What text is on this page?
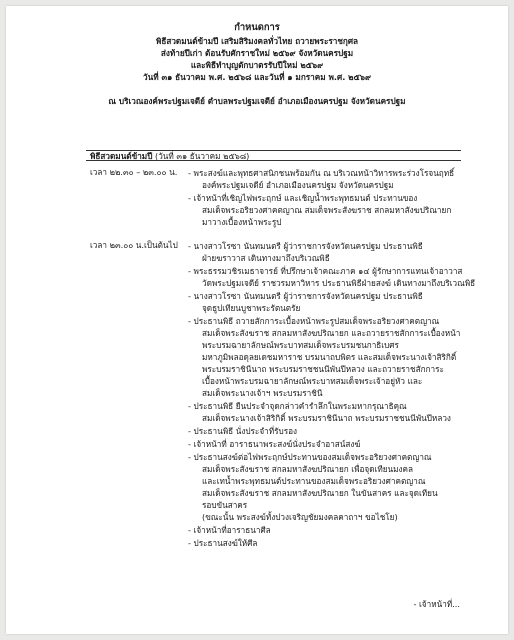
กำหนดการ
พิธีสวดมนต์ข้ามปี เสริมสิริมงคลทั่วไทย ถวายพระราชกุศล
ส่งท้ายปีเก่า ต้อนรับศักราชใหม่ ๒๕๖๙ จังหวัดนครปฐม
และพิธีทำบุญตักบาตรรับปีใหม่ ๒๕๖๙
วันที่ ๓๑ ธันวาคม พ.ศ. ๒๕๖๘ และวันที่ ๑ มกราคม พ.ศ. ๒๕๖๙
ณ บริเวณองค์พระปฐมเจดีย์ ตำบลพระปฐมเจดีย์ อำเภอเมืองนครปฐม จังหวัดนครปฐม
พิธีสวดมนต์ข้ามปี (วันที่ ๓๑ ธันวาคม ๒๕๖๘)
เวลา ๒๒.๓๐ – ๒๓.๐๐ น. - พระสงฆ์และพุทธศาสนิกชนพร้อมกัน ณ บริเวณหน้าวิหารพระร่วงโรจนฤทธิ์
องค์พระปฐมเจดีย์ อำเภอเมืองนครปฐม จังหวัดนครปฐม
- เจ้าหน้าที่เชิญไฟพระฤกษ์ และเชิญน้ำพระพุทธมนต์ ประทานของ
สมเด็จพระอริยวงศาคตญาณ สมเด็จพระสังฆราช สกลมหาสังฆปริณายก
มาวางเบื้องหน้าพระรูป
เวลา ๒๓.๐๐ น.เป็นต้นไป - นางสาวโรซา นันทมนตรี ผู้ว่าราชการจังหวัดนครปฐม ประธานพิธี
ฝ่ายฆราวาส เดินทางมาถึงบริเวณพิธี
- พระธรรมวชิรเมธาจารย์ ที่ปรึกษาเจ้าคณะภาค ๑๔ ผู้รักษาการแทนเจ้าอาวาส
วัดพระปฐมเจดีย์ ราชวรมหาวิหาร ประธานพิธีฝ่ายสงฆ์ เดินทางมาถึงบริเวณพิธี
- นางสาวโรซา นันทมนตรี ผู้ว่าราชการจังหวัดนครปฐม ประธานพิธี
จุดธูปเทียนบูชาพระรัตนตรัย
- ประธานพิธี ถวายสักการะเบื้องหน้าพระรูปสมเด็จพระอริยวงศาคตญาณ
สมเด็จพระสังฆราช สกลมหาสังฆปริณายก และถวายราชสักการะเบื้องหน้า
พระบรมฉายาลักษณ์พระบาทสมเด็จพระบรมชนกาธิเบศร
มหาภูมิพลอดุลยเดชมหาราช บรมนาถบพิตร และสมเด็จพระนางเจ้าสิริกิติ์
พระบรมราชินีนาถ พระบรมราชชนนีพันปีหลวง และถวายราชสักการะ
เบื้องหน้าพระบรมฉายาลักษณ์พระบาทสมเด็จพระเจ้าอยู่หัว และ
สมเด็จพระนางเจ้าฯ พระบรมราชินี
- ประธานพิธี ยืนประจำจุดกล่าวคำรำลึกในพระมหากรุณาธิคุณ
สมเด็จพระนางเจ้าสิริกิติ์ พระบรมราชินีนาถ พระบรมราชชนนีพันปีหลวง
- ประธานพิธี นั่งประจำที่รับรอง
- เจ้าหน้าที่ อาราธนาพระสงฆ์นั่งประจำอาสน์สงฆ์
- ประธานสงฆ์ต่อไฟพระฤกษ์ประทานของสมเด็จพระอริยวงศาคตญาณ
สมเด็จพระสังฆราช สกลมหาสังฆปริณายก เพื่อจุดเทียนมงคล
และเทน้ำพระพุทธมนต์ประทานของสมเด็จพระอริยวงศาคตญาณ
สมเด็จพระสังฆราช สกลมหาสังฆปริณายก ในขันสาคร และจุดเทียน
รอบขันสาคร
(ขณะนั้น พระสงฆ์ทั้งปวงเจริญชัยมงคลคาถาฯ ขอไชโย)
- เจ้าหน้าที่อาราธนาศีล
- ประธานสงฆ์ให้ศีล
- เจ้าหน้าที่...
